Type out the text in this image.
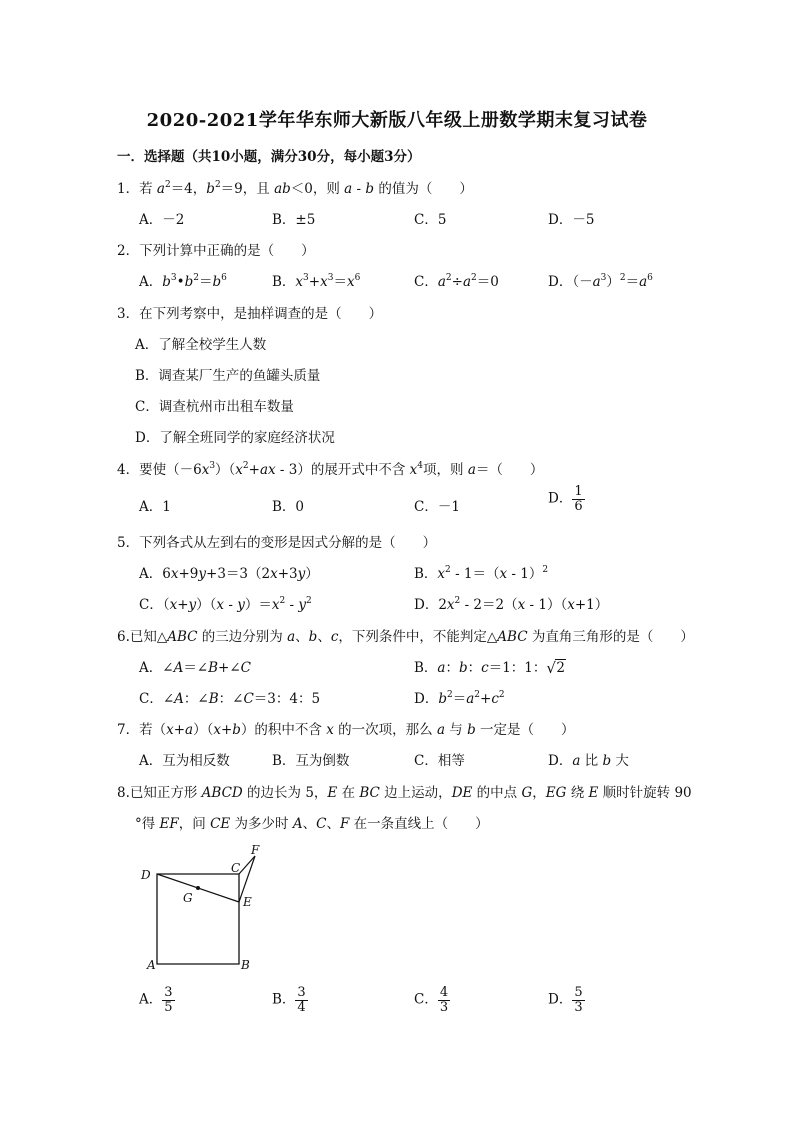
2020-2021学年华东师大新版八年级上册数学期末复习试卷
一．选择题（共10小题，满分30分，每小题3分）
1．若 $a^2=4$，$b^2=9$，且 ab＜0，则 a - b 的值为（　　）
A．－2	B．±5	C．5	D．－5
2．下列计算中正确的是（　　）
A．$b^3•b^2=b^6$	B．$x^3+x^3=x^6$	C．$a^2\div a^2=0$	D．$(-a^3)^2=a^6$
3．在下列考察中，是抽样调查的是（　　）
A．了解全校学生人数
B．调查某厂生产的鱼罐头质量
C．调查杭州市出租车数量
D．了解全班同学的家庭经济状况
4．要使$(-6x^3)(x^2+ax - 3)$的展开式中不含 $x^4$项，则 a＝（　　）
A．1	B．0	C．－1
D． $\frac{1}{6}$
5．下列各式从左到右的变形是因式分解的是（　　）
A．6x+9y+3＝3（2x+3y）	B．$x^2 - 1=(x - 1)^2$
C．$(x+y)(x - y)=x^2 - y^2$	D．$2x^2 - 2=2(x - 1)(x+1)$
6.已知△ABC 的三边分别为 a、b、c，下列条件中，不能判定△ABC 为直角三角形的是（　　）
A．∠A＝∠B+∠C	B．a：b：c＝1：1： √ 2
C．∠A：∠B：∠C＝3：4：5	D．$b^2=a^2+c^2$
7．若（x+a）（x+b）的积中不含 x 的一次项，那么 a 与 b 一定是（　　）
A．互为相反数	B．互为倒数	C．相等	D．a 比 b 大
8.已知正方形 ABCD 的边长为 5，E 在 BC 边上运动，DE 的中点 G，EG 绕 E 顺时针旋转 90
°得 EF，问 CE 为多少时 A、C、F 在一条直线上（　　）
D	C
F
G	E
A	B
A． $\frac{3}{5}$	B． $\frac{3}{4}$	C． $\frac{4}{3}$	D． $\frac{5}{3}$
